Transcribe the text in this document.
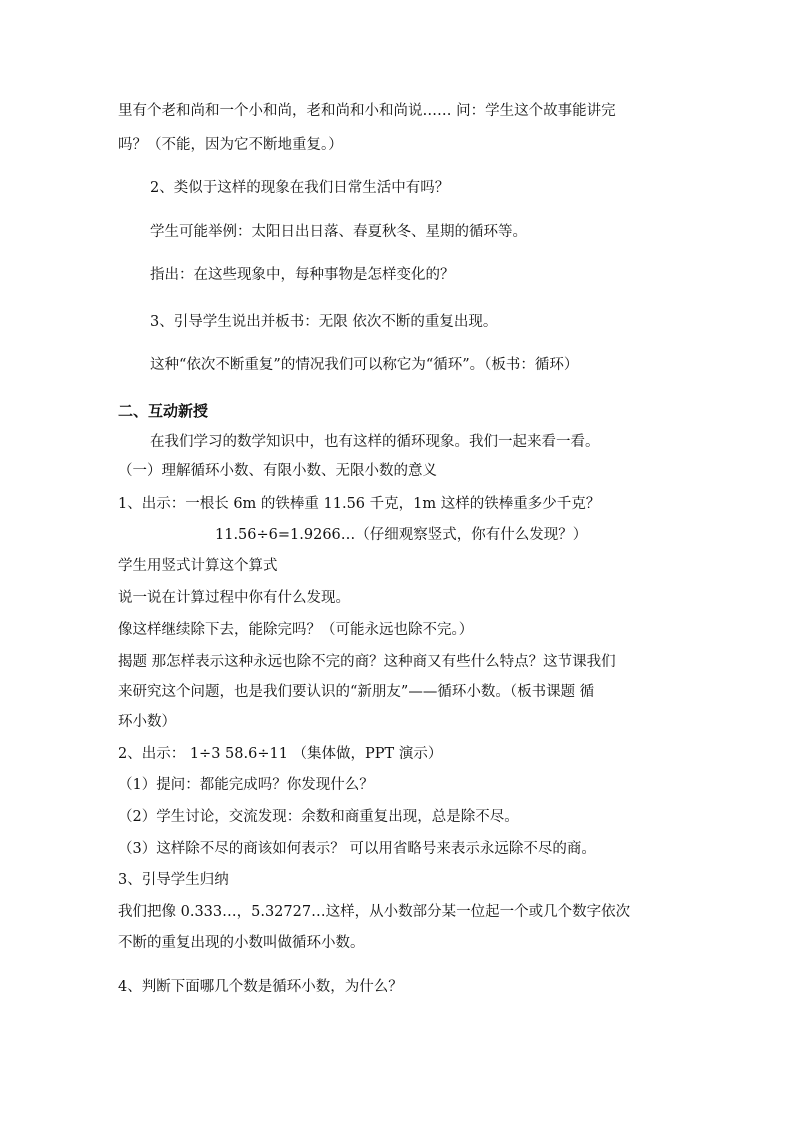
里有个老和尚和一个小和尚，老和尚和小和尚说…… 问：学生这个故事能讲完
吗？（不能，因为它不断地重复。）
2、类似于这样的现象在我们日常生活中有吗？
学生可能举例：太阳日出日落、春夏秋冬、星期的循环等。
指出：在这些现象中，每种事物是怎样变化的？
3、引导学生说出并板书：无限 依次不断的重复出现。
这种“依次不断重复”的情况我们可以称它为“循环”。（板书：循环）
二、互动新授
在我们学习的数学知识中，也有这样的循环现象。我们一起来看一看。
（一）理解循环小数、有限小数、无限小数的意义
1、出示：一根长 6m 的铁棒重 11.56 千克，1m 这样的铁棒重多少千克？
11.56÷6=1.9266…（仔细观察竖式，你有什么发现？）
学生用竖式计算这个算式
说一说在计算过程中你有什么发现。
像这样继续除下去，能除完吗？（可能永远也除不完。）
揭题 那怎样表示这种永远也除不完的商？这种商又有些什么特点？这节课我们
来研究这个问题，也是我们要认识的“新朋友”——循环小数。（板书课题 循
环小数）
2、出示： 1÷3 58.6÷11 （集体做，PPT 演示）
（1）提问：都能完成吗？你发现什么？
（2）学生讨论，交流发现：余数和商重复出现，总是除不尽。
（3）这样除不尽的商该如何表示？ 可以用省略号来表示永远除不尽的商。
3、引导学生归纳
我们把像 0.333…，5.32727…这样，从小数部分某一位起一个或几个数字依次
不断的重复出现的小数叫做循环小数。
4、判断下面哪几个数是循环小数，为什么？
